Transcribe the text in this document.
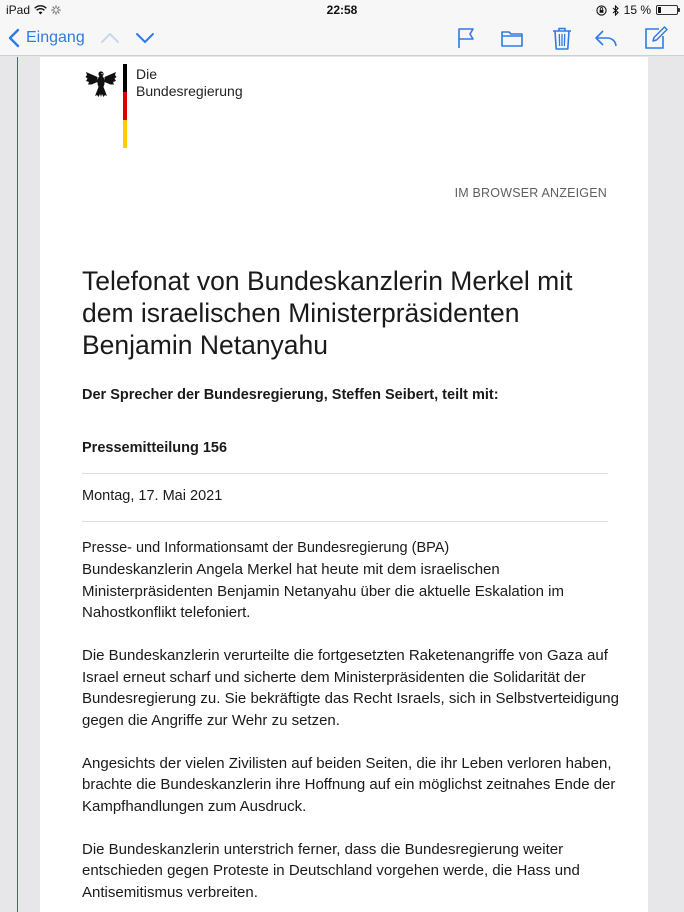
iPad	22:58	15 %
Eingang
Die
Bundesregierung
IM BROWSER ANZEIGEN
Telefonat von Bundeskanzlerin Merkel mit dem israelischen Ministerpräsidenten Benjamin Netanyahu
Der Sprecher der Bundesregierung, Steffen Seibert, teilt mit:
Pressemitteilung 156
Montag, 17. Mai 2021
Presse- und Informationsamt der Bundesregierung (BPA)

Bundeskanzlerin Angela Merkel hat heute mit dem israelischen Ministerpräsidenten Benjamin Netanyahu über die aktuelle Eskalation im Nahostkonflikt telefoniert.

Die Bundeskanzlerin verurteilte die fortgesetzten Raketenangriffe von Gaza auf Israel erneut scharf und sicherte dem Ministerpräsidenten die Solidarität der Bundesregierung zu. Sie bekräftigte das Recht Israels, sich in Selbstverteidigung gegen die Angriffe zur Wehr zu setzen.

Angesichts der vielen Zivilisten auf beiden Seiten, die ihr Leben verloren haben, brachte die Bundeskanzlerin ihre Hoffnung auf ein möglichst zeitnahes Ende der Kampfhandlungen zum Ausdruck.

Die Bundeskanzlerin unterstrich ferner, dass die Bundesregierung weiter entschieden gegen Proteste in Deutschland vorgehen werde, die Hass und Antisemitismus verbreiten.
